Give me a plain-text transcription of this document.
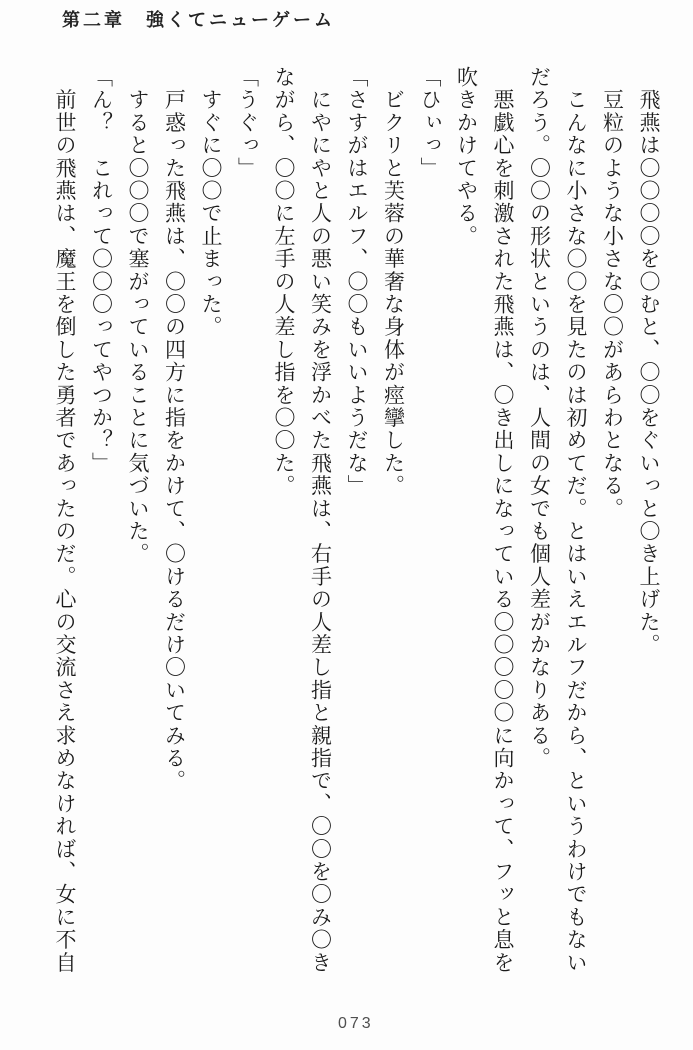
第二章　強くてニューゲーム

　飛燕は〇〇〇〇を〇むと、〇〇をぐいっと〇き上げた。

　豆粒のような小さな〇〇があらわとなる。

　こんなに小さな〇〇を見たのは初めてだ。とはいえエルフだから、というわけでもないだろう。〇〇の形状というのは、人間の女でも個人差がかなりある。

　悪戯心を刺激された飛燕は、〇き出しになっている〇〇〇〇〇に向かって、フッと息を吹きかけてやる。

「ひぃっ」

　ビクリと芙蓉の華奢な身体が痙攣した。

「さすがはエルフ、〇〇もいいようだな」

　にやにやと人の悪い笑みを浮かべた飛燕は、右手の人差し指と親指で、〇〇を〇み〇きながら、〇〇に左手の人差し指を〇〇た。

「うぐっ」

　すぐに〇〇で止まった。

　戸惑った飛燕は、〇〇の四方に指をかけて、〇けるだけ〇いてみる。

　すると〇〇〇で塞がっていることに気づいた。

「ん？　これって〇〇〇ってやつか？」

　前世の飛燕は、魔王を倒した勇者であったのだ。心の交流さえ求めなければ、女に不自

073
